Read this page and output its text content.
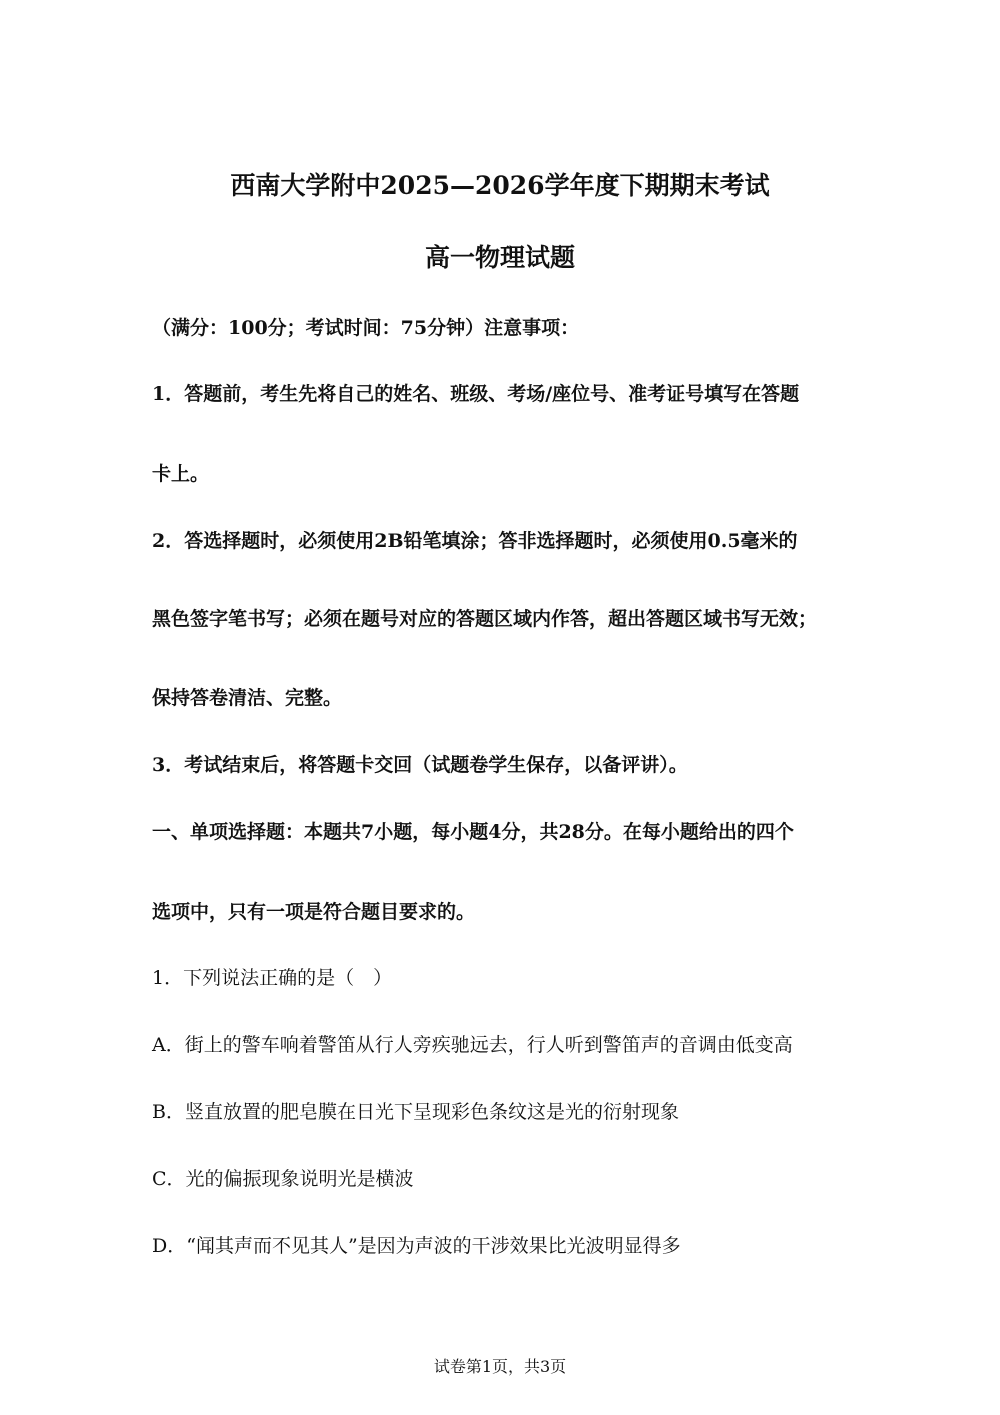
西南大学附中2025—2026学年度下期期末考试
高一物理试题
（满分：100分；考试时间：75分钟）注意事项：
1．答题前，考生先将自己的姓名、班级、考场/座位号、准考证号填写在答题
卡上。
2．答选择题时，必须使用2B铅笔填涂；答非选择题时，必须使用0.5毫米的
黑色签字笔书写；必须在题号对应的答题区域内作答，超出答题区域书写无效；
保持答卷清洁、完整。
3．考试结束后，将答题卡交回（试题卷学生保存，以备评讲）。
一、单项选择题：本题共7小题，每小题4分，共28分。在每小题给出的四个
选项中，只有一项是符合题目要求的。
1．下列说法正确的是（　）
A．街上的警车响着警笛从行人旁疾驰远去，行人听到警笛声的音调由低变高
B．竖直放置的肥皂膜在日光下呈现彩色条纹这是光的衍射现象
C．光的偏振现象说明光是横波
D．“闻其声而不见其人”是因为声波的干涉效果比光波明显得多
试卷第1页，共3页
